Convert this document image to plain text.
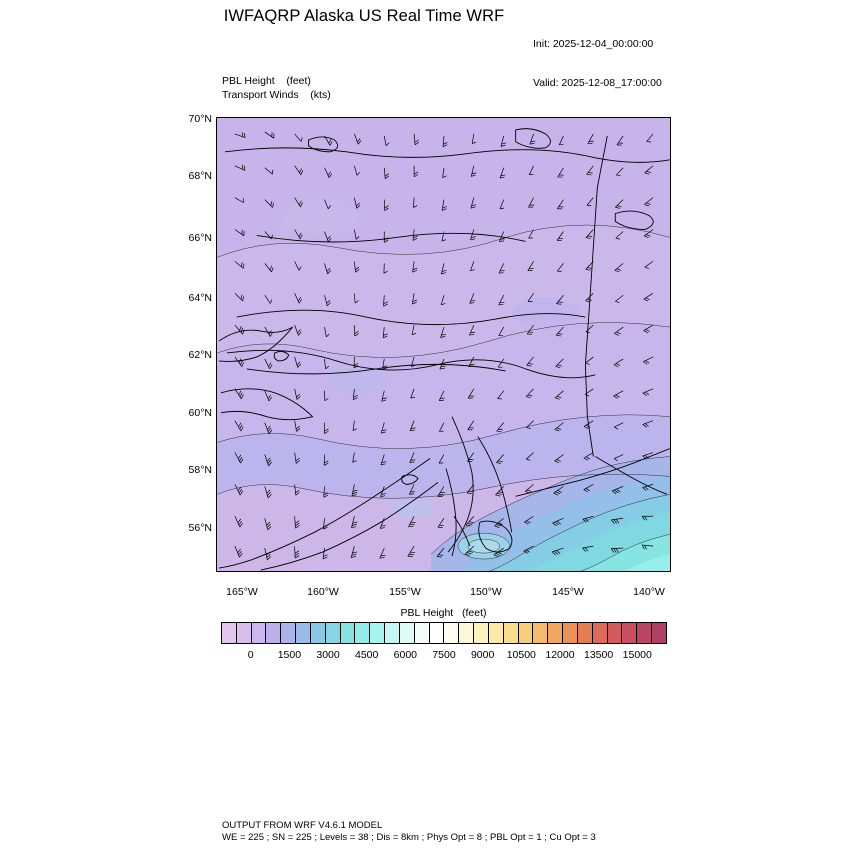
IWFAQRP Alaska US Real Time WRF

Init: 2025-12-04_00:00:00

Valid: 2025-12-08_17:00:00

PBL Height    (feet)
Transport Winds    (kts)
70°N
68°N
66°N
64°N
62°N
60°N
58°N
56°N
165°W	160°W	155°W	150°W	145°W	140°W
PBL Height   (feet)
0 1500 3000 4500 6000 7500 9000 10500 12000 13500 15000
OUTPUT FROM WRF V4.6.1 MODEL
WE = 225 ; SN = 225 ; Levels = 38 ; Dis = 8km ; Phys Opt = 8 ; PBL Opt = 1 ; Cu Opt = 3
